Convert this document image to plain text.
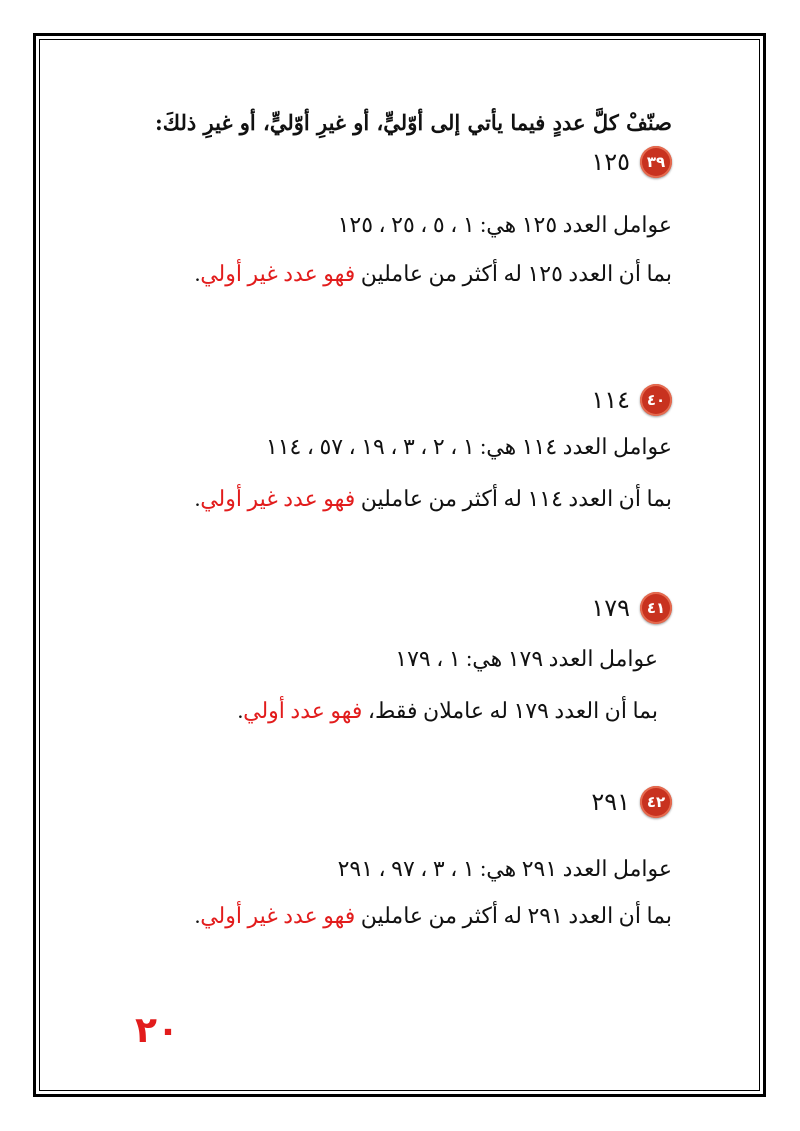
صنّفْ كلَّ عددٍ فيما يأتي إلى أوّليٍّ، أو غيرِ أوّليٍّ، أو غيرِ ذلكَ:
٣٩
١٢٥
عوامل العدد ١٢٥ هي: ١ ، ٥ ، ٢٥ ، ١٢٥
بما أن العدد ١٢٥ له أكثر من عاملين فهو عدد غير أولي.
٤٠
١١٤
عوامل العدد ١١٤ هي: ١ ، ٢ ، ٣ ، ١٩ ، ٥٧ ، ١١٤
بما أن العدد ١١٤ له أكثر من عاملين فهو عدد غير أولي.
٤١
١٧٩
عوامل العدد ١٧٩ هي: ١ ، ١٧٩
بما أن العدد ١٧٩ له عاملان فقط، فهو عدد أولي.
٤٢
٢٩١
عوامل العدد ٢٩١ هي: ١ ، ٣ ، ٩٧ ، ٢٩١
بما أن العدد ٢٩١ له أكثر من عاملين فهو عدد غير أولي.
٢٠
